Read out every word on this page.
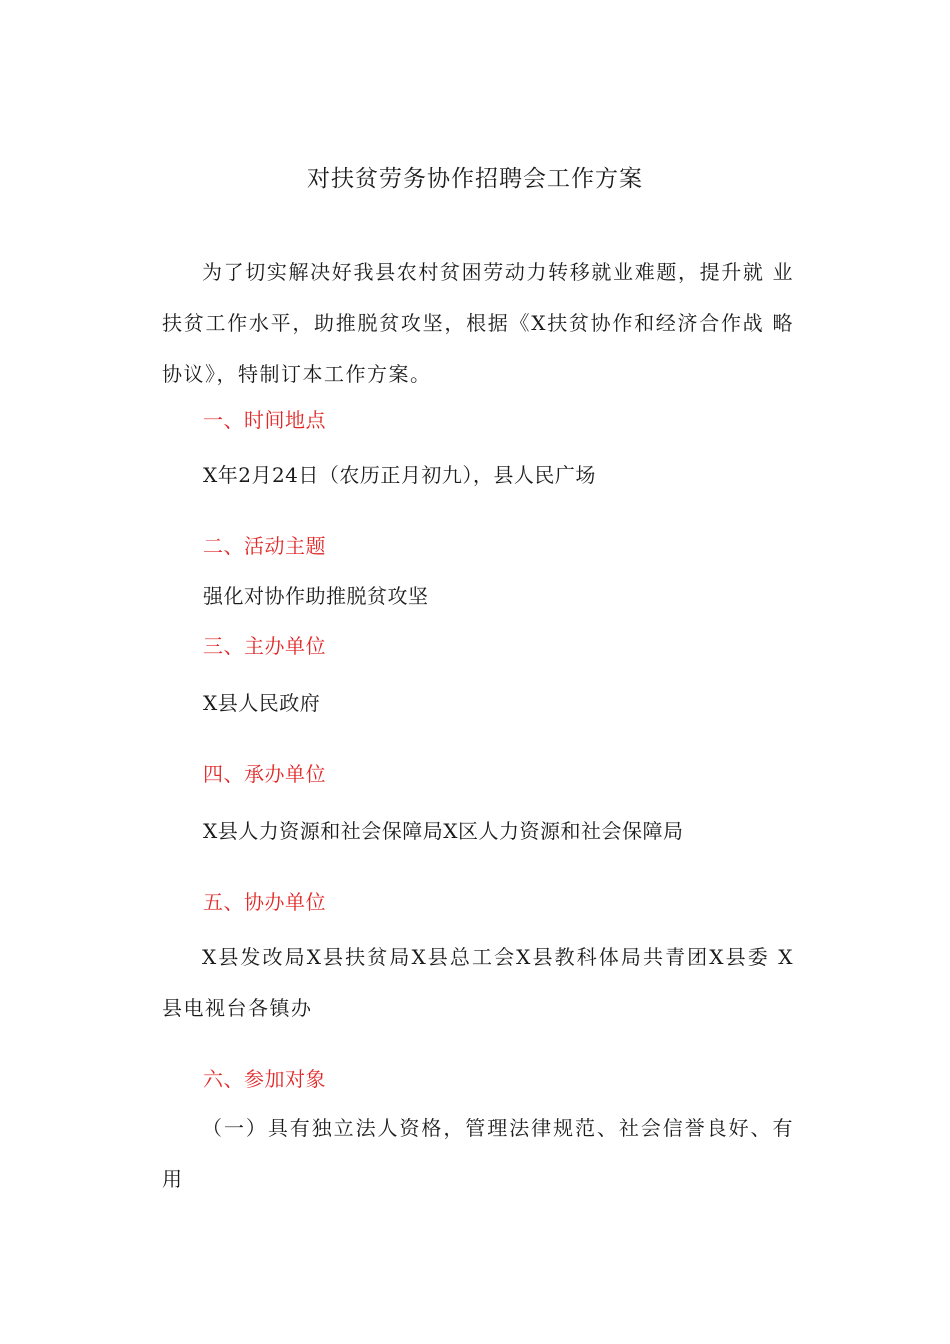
对扶贫劳务协作招聘会工作方案
为了切实解决好我县农村贫困劳动力转移就业难题，提升就 业扶贫工作水平，助推脱贫攻坚，根据《X扶贫协作和经济合作战 略协议》，特制订本工作方案。
一、时间地点
X年2月24日（农历正月初九），县人民广场
二、活动主题
强化对协作助推脱贫攻坚
三、主办单位
X县人民政府
四、承办单位
X县人力资源和社会保障局X区人力资源和社会保障局
五、协办单位
X县发改局X县扶贫局X县总工会X县教科体局共青团X县委 X县电视台各镇办
六、参加对象
（一）具有独立法人资格，管理法律规范、社会信誉良好、有用
